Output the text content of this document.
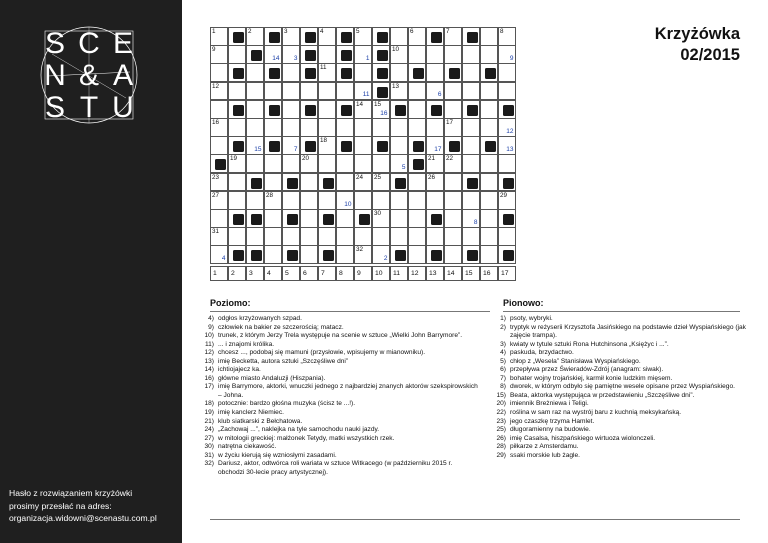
S C E
N & A
S T U
Hasło z rozwiązaniem krzyżówki
prosimy przesłać na adres:
organizacja.widowni@scenastu.com.pl
Krzyżówka
02/2015
1	2	3	4	5	6	7	8
9
14 3	1
10
9
11
12
11
13
6
14 15
16
16	17
12
15	7
18
17	13
19	20
5
21 22
23	24 25	26
27	28
10
29
30
8
31
4
32
2
1	2	3	4	5	6	7	8	9	10	11	12	13	14	15	16	17
Poziomo:
4) odgłos krzyżowanych szpad.
9) człowiek na bakier ze szczerością; matacz.
10) trunek, z którym Jerzy Trela występuje na scenie w sztuce „Wielki John Barrymore”.
11) ... i znajomi królika.
12) chcesz ..., podobaj się mamuni (przysłowie, wpisujemy w mianowniku).
13) imię Becketta, autora sztuki „Szczęśliwe dni”
14) ichtiojajecz ka.
16) główne miasto Andaluzji (Hiszpania).
17) imię Barrymore, aktorki, wnuczki jednego z najbardziej znanych aktorów szekspirowskich – Johna.
18) potocznie: bardzo głośna muzyka (ścisz te ...!).
19) imię kanclerz Niemiec.
21) klub siatkarski z Bełchatowa.
24) „Zachowaj ...”, naklejka na tyle samochodu nauki jazdy.
27) w mitologii greckiej: małżonek Tetydy, matki wszystkich rzek.
30) natrętna ciekawość.
31) w życiu kierują się wzniosłymi zasadami.
32) Dariusz, aktor, odtwórca roli wariata w sztuce Witkacego (w październiku 2015 r. obchodzi 30-lecie pracy artystycznej).
Pionowo:
1) psoty, wybryki.
2) tryptyk w reżyserii Krzysztofa Jasińskiego na podstawie dzieł Wyspiańskiego (jak zajęcie trampa).
3) kwiaty w tytule sztuki Rona Hutchinsona „Księżyc i ...”.
4) paskuda, brzydactwo.
5) chłop z „Wesela” Stanisława Wyspiańskiego.
6) przepływa przez Świeradów-Zdrój (anagram: siwak).
7) bohater wojny trojańskiej, karmił konie ludzkim mięsem.
8) dworek, w którym odbyło się pamiętne wesele opisane przez Wyspiańskiego.
15) Beata, aktorka występująca w przedstawieniu „Szczęśliwe dni”.
20) imiennik Breżniewa i Teligi.
22) roślina w sam raz na wystrój baru z kuchnią meksykańską.
23) jego czaszkę trzyma Hamlet.
25) długoramienny na budowie.
26) imię Casalsa, hiszpańskiego wirtuoza wiolonczeli.
28) piłkarze z Amsterdamu.
29) ssaki morskie lub żagle.
